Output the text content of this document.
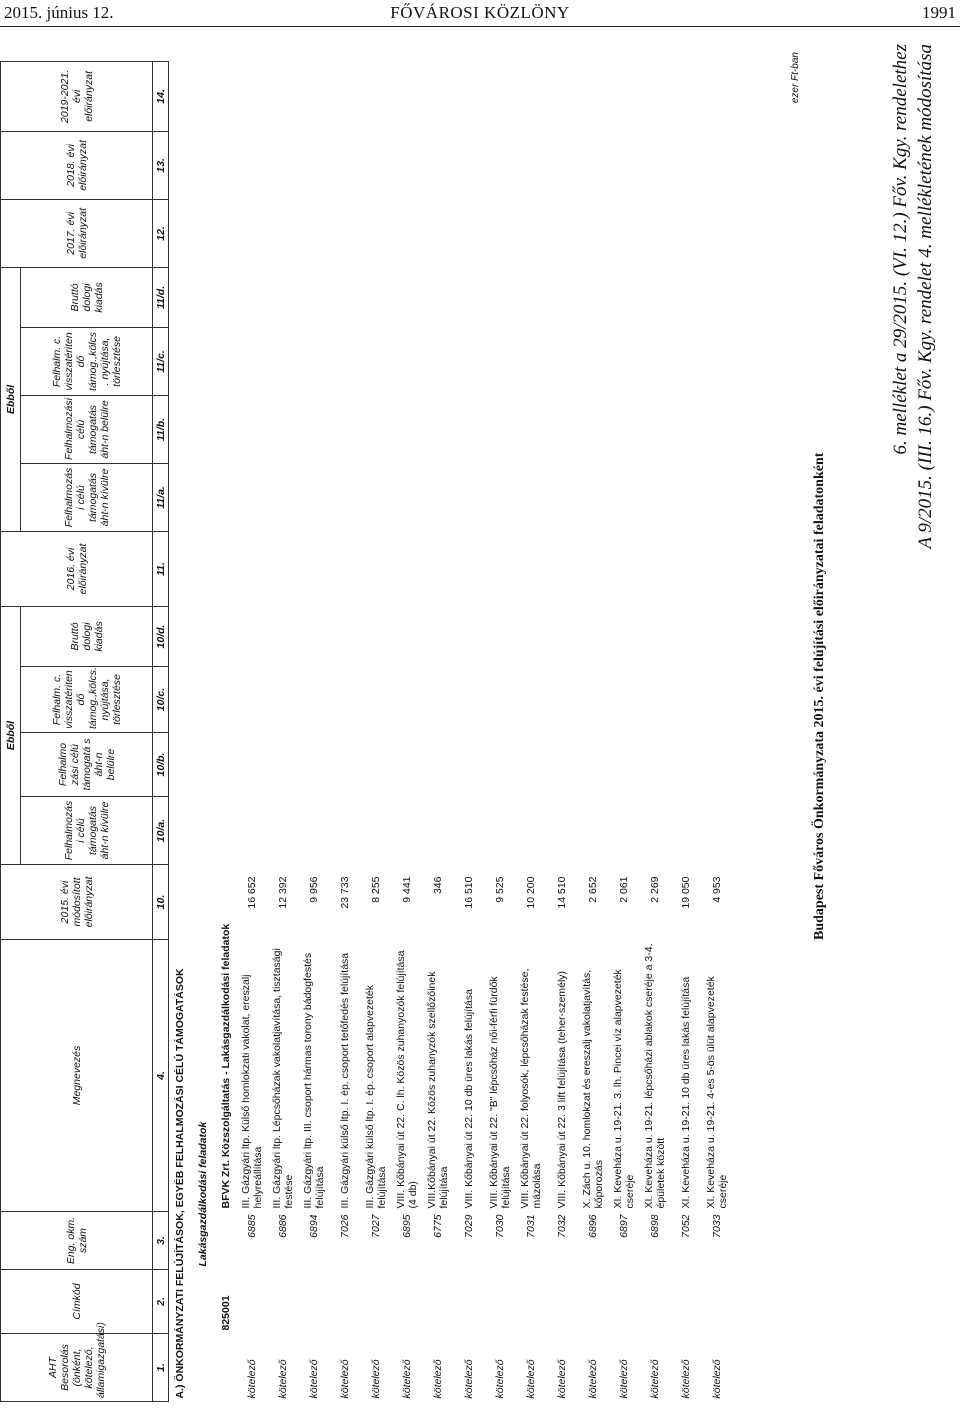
2015. június 12.	FŐVÁROSI KÖZLÖNY	1991
6. melléklet a 29/2015. (VI. 12.) Főv. Kgy. rendelethez A 9/2015. (III. 16.) Főv. Kgy. rendelet 4. mellékletének módosítása
Budapest Főváros Önkormányzata 2015. évi felújítási előirányzatai feladatonként
ezer Ft-ban
AHT Besorolás (önként, kötelező, államigazgatási)	Címkód	Eng. okm. szám	Megnevezés	2015. évi módosított előirányzat	Ebből				2016. évi előirányzat	Ebből				2017. évi előirányzat	2018. évi előirányzat	2019-2021. évi előirányzat
					Felhalmozás i célú támogatás áht-n kívülre	Felhalmo zási célú támogatá s áht-n belülre	Felhalm. c. visszatériten dő támog.,kölcs. nyújtása, törlesztése	Bruttó dologi kiadás		Felhalmozás i célú támogatás áht-n kívülre	Felhalmozási célú támogatás áht-n belülre	Felhalm. c. visszatériten dő támog.,kölcs . nyújtása, törlesztése	Bruttó dologi kiadás			
1.	2.	3.	4.	10.	10/a.	10/b.	10/c.	10/d.	11.	11/a.	11/b.	11/c.	11/d.	12.	13.	14.
A.) ÖNKORMÁNYZATI FELÚJÍTÁSOK, EGYÉB FELHALMOZÁSI CÉLÚ TÁMOGATÁSOK																
		Lakásgazdálkodási feladatok														
	825001		BFVK Zrt. Közszolgáltatás - Lakásgazdálkodási feladatok													
kötelező		6885	III. Gázgyári ltp. Külső homlokzati vakolat, ereszalj helyreállítása	16 652												
kötelező		6886	III. Gázgyári ltp. Lépcsőházak vakolatjavítása, tisztasági festése	12 392												
kötelező		6894	III. Gázgyári ltp. III. csoport hármas torony bádogfestés felújítása	9 956												
kötelező		7026	III. Gázgyári külső ltp. I. ép. csoport tetőfedés felújítása	23 733												
kötelező		7027	III. Gázgyári külső ltp. I. ép. csoport alapvezeték felújítása	8 255												
kötelező		6895	VIII. Kőbányai út 22. C. lh. Közös zuhanyozók felújítása (4 db)	9 441												
kötelező		6775	VIII.Kőbányai út 22. Közös zuhanyzók szellőzőinek felújítása	346												
kötelező		7029	VIII. Kőbányai út 22. 10 db üres lakás felújítása	16 510												
kötelező		7030	VIII. Kőbányai út 22. "B" lépcsőház női-férfi fürdők felújítása	9 525												
kötelező		7031	VIII. Kőbányai út 22. folyosók, lépcsőházak festése, mázolása	10 200												
kötelező		7032	VIII. Kőbányai út 22. 3 lift felújítása (teher-személy)	14 510												
kötelező		6896	X. Zách u. 10. homlokzat és ereszalj vakolatjavítás, kőporozás	2 652												
kötelező		6897	XI. Keveháza u. 19-21. 3. lh. Pincei víz alapvezeték cseréje	2 061												
kötelező		6898	XI. Keveháza u. 19-21. lépcsőházi ablakok cseréje a 3-4. épületek között	2 269												
kötelező		7052	XI. Keveháza u. 19-21. 10 db üres lakás felújítása	19 050												
kötelező		7033	XI. Keveháza u. 19-21. 4-es 5-ös ülüt alapvezeték cseréje	4 953												
